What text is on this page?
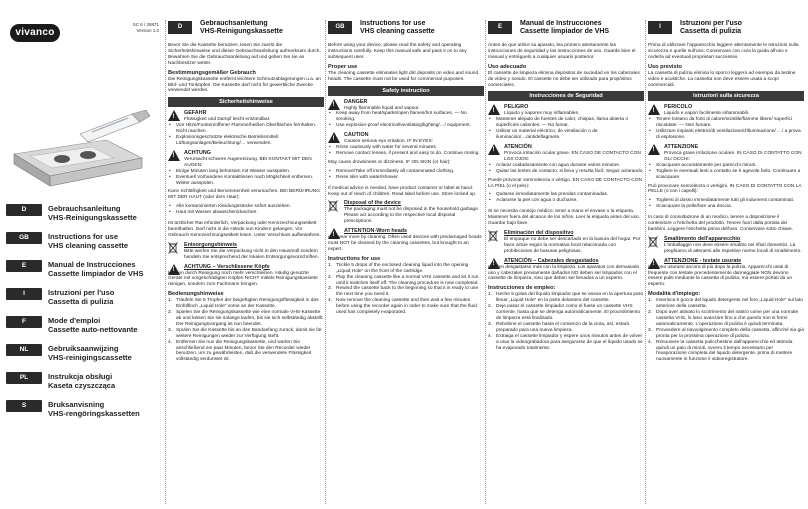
vivanco
SC 6 / 28871
Version 1.0
D	Gebrauchsanleitung
VHS-Reinigungskassette
GB	Instructions for use
VHS cleaning cassette
E	Manual de Instrucciones
Cassette limpiador de VHS
I	Istruzioni per l'uso
Cassetta di pulizia
F	Mode d'emploi
Cassette auto-nettovante
NL	Gebruiksaanwijzing
VHS-reinigingscassette
PL	Instrukcja obsługi
Kaseta czyszcząca
S	Bruksanvisning
VHS-rengöringskassetten
D	Gebrauchsanleitung
VHS-Reinigungskassette

Bevor Sie die Kassette benutzen, lesen Sie zuerst die Sicherheitshinweise und dieser Gebrauchsanleitung aufmerksam durch. Bewahren Sie die Gebrauchsanleitung auf und geben Sie sie an Nachbesitzer weiter.

Bestimmungsgemäßer Gebrauch

Die Reinigungskassette entfernt leichtere Schmutzablagerungen u.a. an Bild- und Tonköpfen. Die Kassette darf nicht für gewerbliche Zwecke verwendet werden.

Sicherheitshinweise
!
GEFAHR
Flüssigkeit und Dampf leicht entzündbar.
• Von Hitze/Funken/offener Flamme/heißen Oberflächen fernhalten. Nicht rauchen.
• Explosionsgeschützte elektrische Betriebsmittel/ Lüftungsanlagen/Beleuchtung/… verwenden.
!
ACHTUNG
Verursacht schwere Augenreizung. BEI KONTAKT MIT DEN AUGEN:
• Einige Minuten lang behutsam mit Wasser ausspülen.
• Eventuell Vorhandene Kontaktlinsen nach Möglichkeit entfernen. Weiter ausspülen.

Kann Schläfrigkeit und Benommenheit verursachen. BEI BERÜHRUNG MIT DER HAUT (oder dem Haar):

• Alle kontaminierten Kleidungsstücke sofort ausziehen.
• Haut mit Wasser abwaschen/duschen.

Ist ärztlicher Rat erforderlich, Verpackung oder Kennzeichnungsetikett bereithalten. Darf nicht in die Hände von Kindern gelangen. Vor Gebrauch Kennzeichnungsetikett lesen. Unter Verschluss aufbewahren.

Entsorgungshinweis
Bitte werfen Sie die Verpackung nicht in den Hausmüll sondern handeln Sie entsprechend der lokalen Entsorgungsvorschriften.
!
ACHTUNG – Verschlissene Köpfe

können durch Reinigung noch mehr verschleißen. Häufig genutzte Geräte mit vorgeschädigten Köpfen NICHT mittels Reinigungskassette reinigen, sondern zum Fachmann bringen.

Bedienungshinweise
1. Träufeln Sie 5 Tropfen der beigefügten Reinigungsflüssigkeit in das Einfüllloch „Liquid Hole“ vorne an der Kassette.
2. Spielen Sie die Reinigungskassette wie eine normale VHS-Kassette ab und lassen Sie sie solange laufen, bis sie sich selbständig abstellt. Der Reinigungsvorgang ist nun beendet.
3. Spulen Sie die Kassette bis an den Bandanfang zurück, damit sie für weitere Reinigungen wieder zur Verfügung steht.
4. Entfernen Sie nun die Reinigungskassette, und warten Sie anschließend ein paar Minuten, bevor Sie den Recorder wieder benutzen, um zu gewährleisten, daß die verwendete Flüssigkeit vollständig verdunstet ist.
GB	Instructions for use
VHS cleaning cassette

Before using your device, please read the safety and operating instructions carefully. Keep this manual safe and pass it on to any subsequent user.

Proper use

The cleaning cassette eliminates light dirt deposits on video and sound heads. The cassette must not be used for commercial purposes.

Safety instruction
!
DANGER
Highly flammable liquid and vapour.
• Keep away from heat/sparks/open flames/hot surfaces. — No smoking.
• Use explosion-proof electrical/ventilating/lighting/…/ equipment.
!
CAUTION
Causes serious eye irritation. IF IN EYES:
• Rinse cautiously with water for several minutes.
• Remove contact lenses, if present and easy to do. Continue rinsing.

May cause drowsiness or dizziness. IF ON SKIN (or hair):

• Remove/Take off immediately all contaminated clothing.
• Rinse skin with water/shower.

If medical advice is needed, have product container or label at hand. Keep out of reach of children. Read label before use. Store locked up.

Disposal of the device
The packaging must not be disposed in the household garbage. Please act according to the respective local disposal prescriptions.
!
ATTENTION-Worn heads

can wear more by cleaning. Often used devices with predamaged heads must NOT be cleaned by the cleaning cassettes, but brought to an expert.

Instructions for use
1. Trickle 5 drops of the enclosed cleaning liquid into the opening „Liquid Hole“ on the front of the cartridge.
2. Play the cleaning cassette like a normal VHS cassette and let it run until it switches itself off. The cleaning procedure is now completed.
3. Rewind the cassette back to the beginning so that it is ready to use the next time you need it.
4. Now remove the cleaning cassette and then wait a few minutes before using the recorder again in order to make sure that the fluid used has completely evaporated.
E	Manual de Instrucciones
Cassette limpiador de VHS

Antes de que utilice su aparato, lea primero atentamente las instrucciones de seguridad y las instrucciones de uso. Guarde bien el manual y entréguelo a cualquier usuario posterior.

Uso adecuado

El cassette de limpieza elimina depósitos de suciedad en los cabezales de vídeo y sonido. El cassette no debe ser utilizado para propósitos comerciales.

Instrucciones de Seguridad
!
PELIGRO
Líquido y vapores muy inflamables.
• Mantener alejado de fuentes de calor, chispas, llama abierta o superficies calientes. — No fumar.
• Utilizar un material eléctrico, de ventilación o de iluminación/…/antideflagrante.
!
ATENCIÓN
Provoca irritación ocular grave. EN CASO DE CONTACTO CON LOS OJOS:
• Aclarar cuidadosamente con agua durante varios minutos.
• Quitar las lentes de contacto, si lleva y resulta fácil. Seguir aclarando.

Puede provocar somnolencia o vértigo. EN CASO DE CONTACTO CON LA PIEL (o el pelo):

• Quitarse inmediatamente las prendas contaminadas.
• Aclararse la piel con agua o ducharse.

Si se necesita consejo médico, tener a mano el envase o la etiqueta. Mantener fuera del alcance de los niños. Leer la etiqueta antes del uso. Guardar bajo llave.

Eliminación del dispositivo
El empaque no debe ser descartado en la basura del hogar. Por favor actúe según la normativa local relacionada con prohibiciones de basuras peligrosas.
!
ATENCIÓN – Cabezales desgastados

pueden desgastarse más con la limpieza. Los aparatos con demasiado uso y cabezales previamente dañados NO deben ser limpiados con el cassette de limpieza, sino que deben ser llevados a un experto.

Instrucciones de empleo:
1. Heche 5 gotas del líquido limpiador que se anexa en la apertura para llenar „Liquid Hole“ en la parte delantera del cassette.
2. Deje pasar el cassette limpiador como el fuese un cassette VHS corriente, hasta que se detenga automáticamente. El procedimiento de limpieza está finalizado.
3. Rebobine el cassette hasta el comienzo de la cinta, así, estará preparado para una nueva limpieza.
4. Extraiga el cassette limpiador y espere unos minutos antes de volver a usar la videograbadora para asegurarse de que el líquido usado se ha evaporado totalmente.
I	Istruzioni per l'uso
Cassetta di pulizia

Prima di utilizzare l'apparecchio leggere attentamente le istruzioni sulla sicurezza e quelle sull'uso. Conservare con cura la guida all'uso e cederla ad eventuali proprietari successivi.

Uso previsto

La cassetta di pulizia elimina lo sporco leggero ad esempio da testine video e acustiche. La cassetta non deve essere usata a scopi commerciali.

Istruzioni sulla sicurezza
!
PERICOLO
Liquido e vapori facilmente infiammabili.
• Tenere lontano da fonti di calore/scintille/fiamme libere/ superfici riscaldate. — Non fumare.
• Utilizzare impianti elettrici/di ventilazione/d'illuminazione/ …/ a prova di esplosione.
!
ATTENZIONE
Provoca grave irritazione oculare. IN CASO DI CONTATTO CON GLI OCCHI:
• Sciacquare accuratamente per parecchi minuti.
• Togliere le eventuali lenti a contatto se è agevole farlo. Continuare a sciacquare.

Può provocare sonnolenza o vertigini. IN CASO DI CONTATTO CON LA PELLE (o con i capelli):

• Togliersi di dosso immediatamente tutti gli indumenti contaminati.
• Sciacquare la pelle/fare una doccia.

In caso di consultazione di un medico, tenere a disposizione il contenitore o l'etichetta del prodotto. Tenere fuori dalla portata dei bambini. Leggere l'etichetta prima dell'uso. Conservare sotto chiave.

Smaltimento dell'apparecchio
L'imballaggio non deve essere smaltito nei rifiuti domestici. La preghiamo di attenersi alle rispettive norme locali di smaltimento.
!
ATTENZIONE - testate usurate

possono usurarsi ancora di più dopo la pulizia. Apparecchi usati di frequente con testate precedentemente danneggiate NON devono essere puliti mediante la cassetta di pulizia, ma essere portati da un esperto.

Modalità d'impiego:
1. Inserisca 5 gocce del liquido detergente nel foro „Liquid Hole“ sul lato anteriore della cassetta.
2. Dopo aver attivato lo scorrimento del nastro come per una normale cassetta VHS, lo lasci avanzare fino a che questo non si fermi automaticamente. L'operazione di pulizia è quindi terminata.
3. Provvedere al riavvolgimento completo della cassetta, affinché sia già pronta per la prossima operazione di pulizia.
4. Rimuovere la cassetta pulicchestine dall'apparecchio ed attenda quindi un paio di minuti, ovvero il tempo necessario per l'evaporazione completa del liquido detergente, prima di mettere nuovamente in funzione il videoregistratore.
